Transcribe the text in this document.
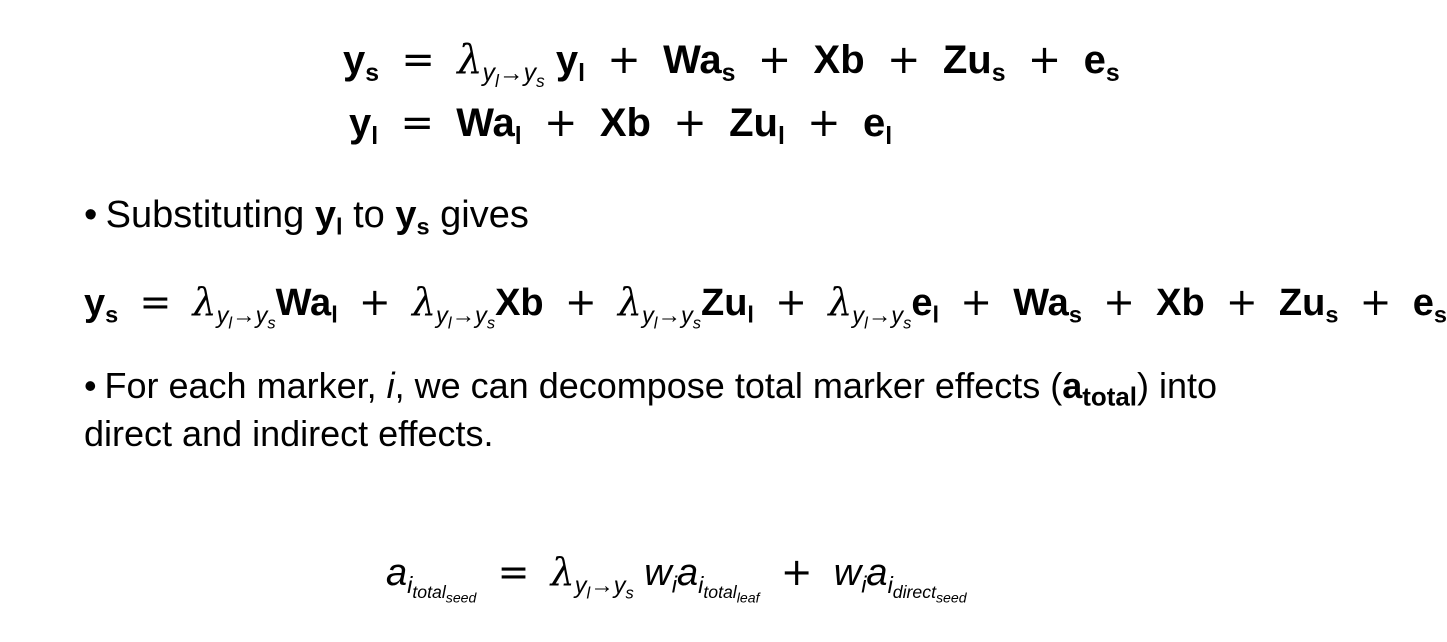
$y_s = \lambda_{y_l\to y_s}$ $y_l + Wa_s + Xb + Zu_s + e_s$
$y_l = Wa_l + Xb + Zu_l + e_l$
• Substituting $y_l$ to $y_s$ gives
$y_s = \lambda_{y_l\to y_s}Wa_l + \lambda_{y_l\to y_s}Xb + \lambda_{y_l\to y_s}Zu_l + \lambda_{y_l\to y_s}e_l + Wa_s + Xb + Zu_s + e_s$
• For each marker, i, we can decompose total marker effects $(a_{total})$ into
direct and indirect effects.
$a_{i_{total_{seed}}} = \lambda_{y_l\to y_s}$ $w_ia_{i_{total_{leaf}}} + w_ia_{i_{direct_{seed}}}$
